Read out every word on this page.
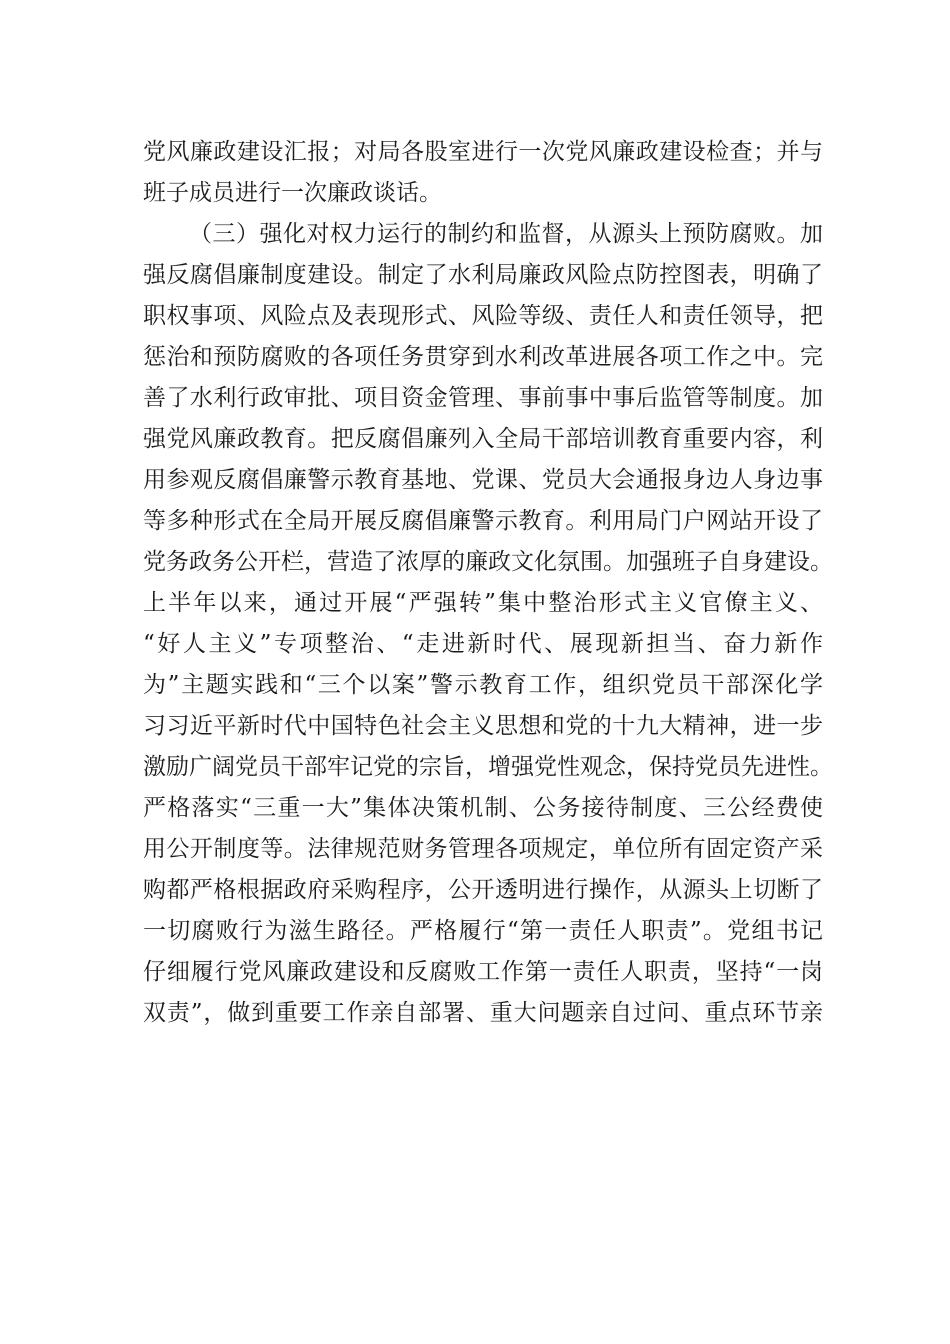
党风廉政建设汇报；对局各股室进行一次党风廉政建设检查；并与
班子成员进行一次廉政谈话。
（三）强化对权力运行的制约和监督，从源头上预防腐败。加
强反腐倡廉制度建设。制定了水利局廉政风险点防控图表，明确了
职权事项、风险点及表现形式、风险等级、责任人和责任领导，把
惩治和预防腐败的各项任务贯穿到水利改革进展各项工作之中。完
善了水利行政审批、项目资金管理、事前事中事后监管等制度。加
强党风廉政教育。把反腐倡廉列入全局干部培训教育重要内容，利
用参观反腐倡廉警示教育基地、党课、党员大会通报身边人身边事
等多种形式在全局开展反腐倡廉警示教育。利用局门户网站开设了
党务政务公开栏，营造了浓厚的廉政文化氛围。加强班子自身建设。
上半年以来，通过开展“严强转”集中整治形式主义官僚主义、
“好人主义”专项整治、“走进新时代、展现新担当、奋力新作
为”主题实践和“三个以案”警示教育工作，组织党员干部深化学
习习近平新时代中国特色社会主义思想和党的十九大精神，进一步
激励广阔党员干部牢记党的宗旨，增强党性观念，保持党员先进性。
严格落实“三重一大”集体决策机制、公务接待制度、三公经费使
用公开制度等。法律规范财务管理各项规定，单位所有固定资产采
购都严格根据政府采购程序，公开透明进行操作，从源头上切断了
一切腐败行为滋生路径。严格履行“第一责任人职责”。党组书记
仔细履行党风廉政建设和反腐败工作第一责任人职责，坚持“一岗
双责”，做到重要工作亲自部署、重大问题亲自过问、重点环节亲
